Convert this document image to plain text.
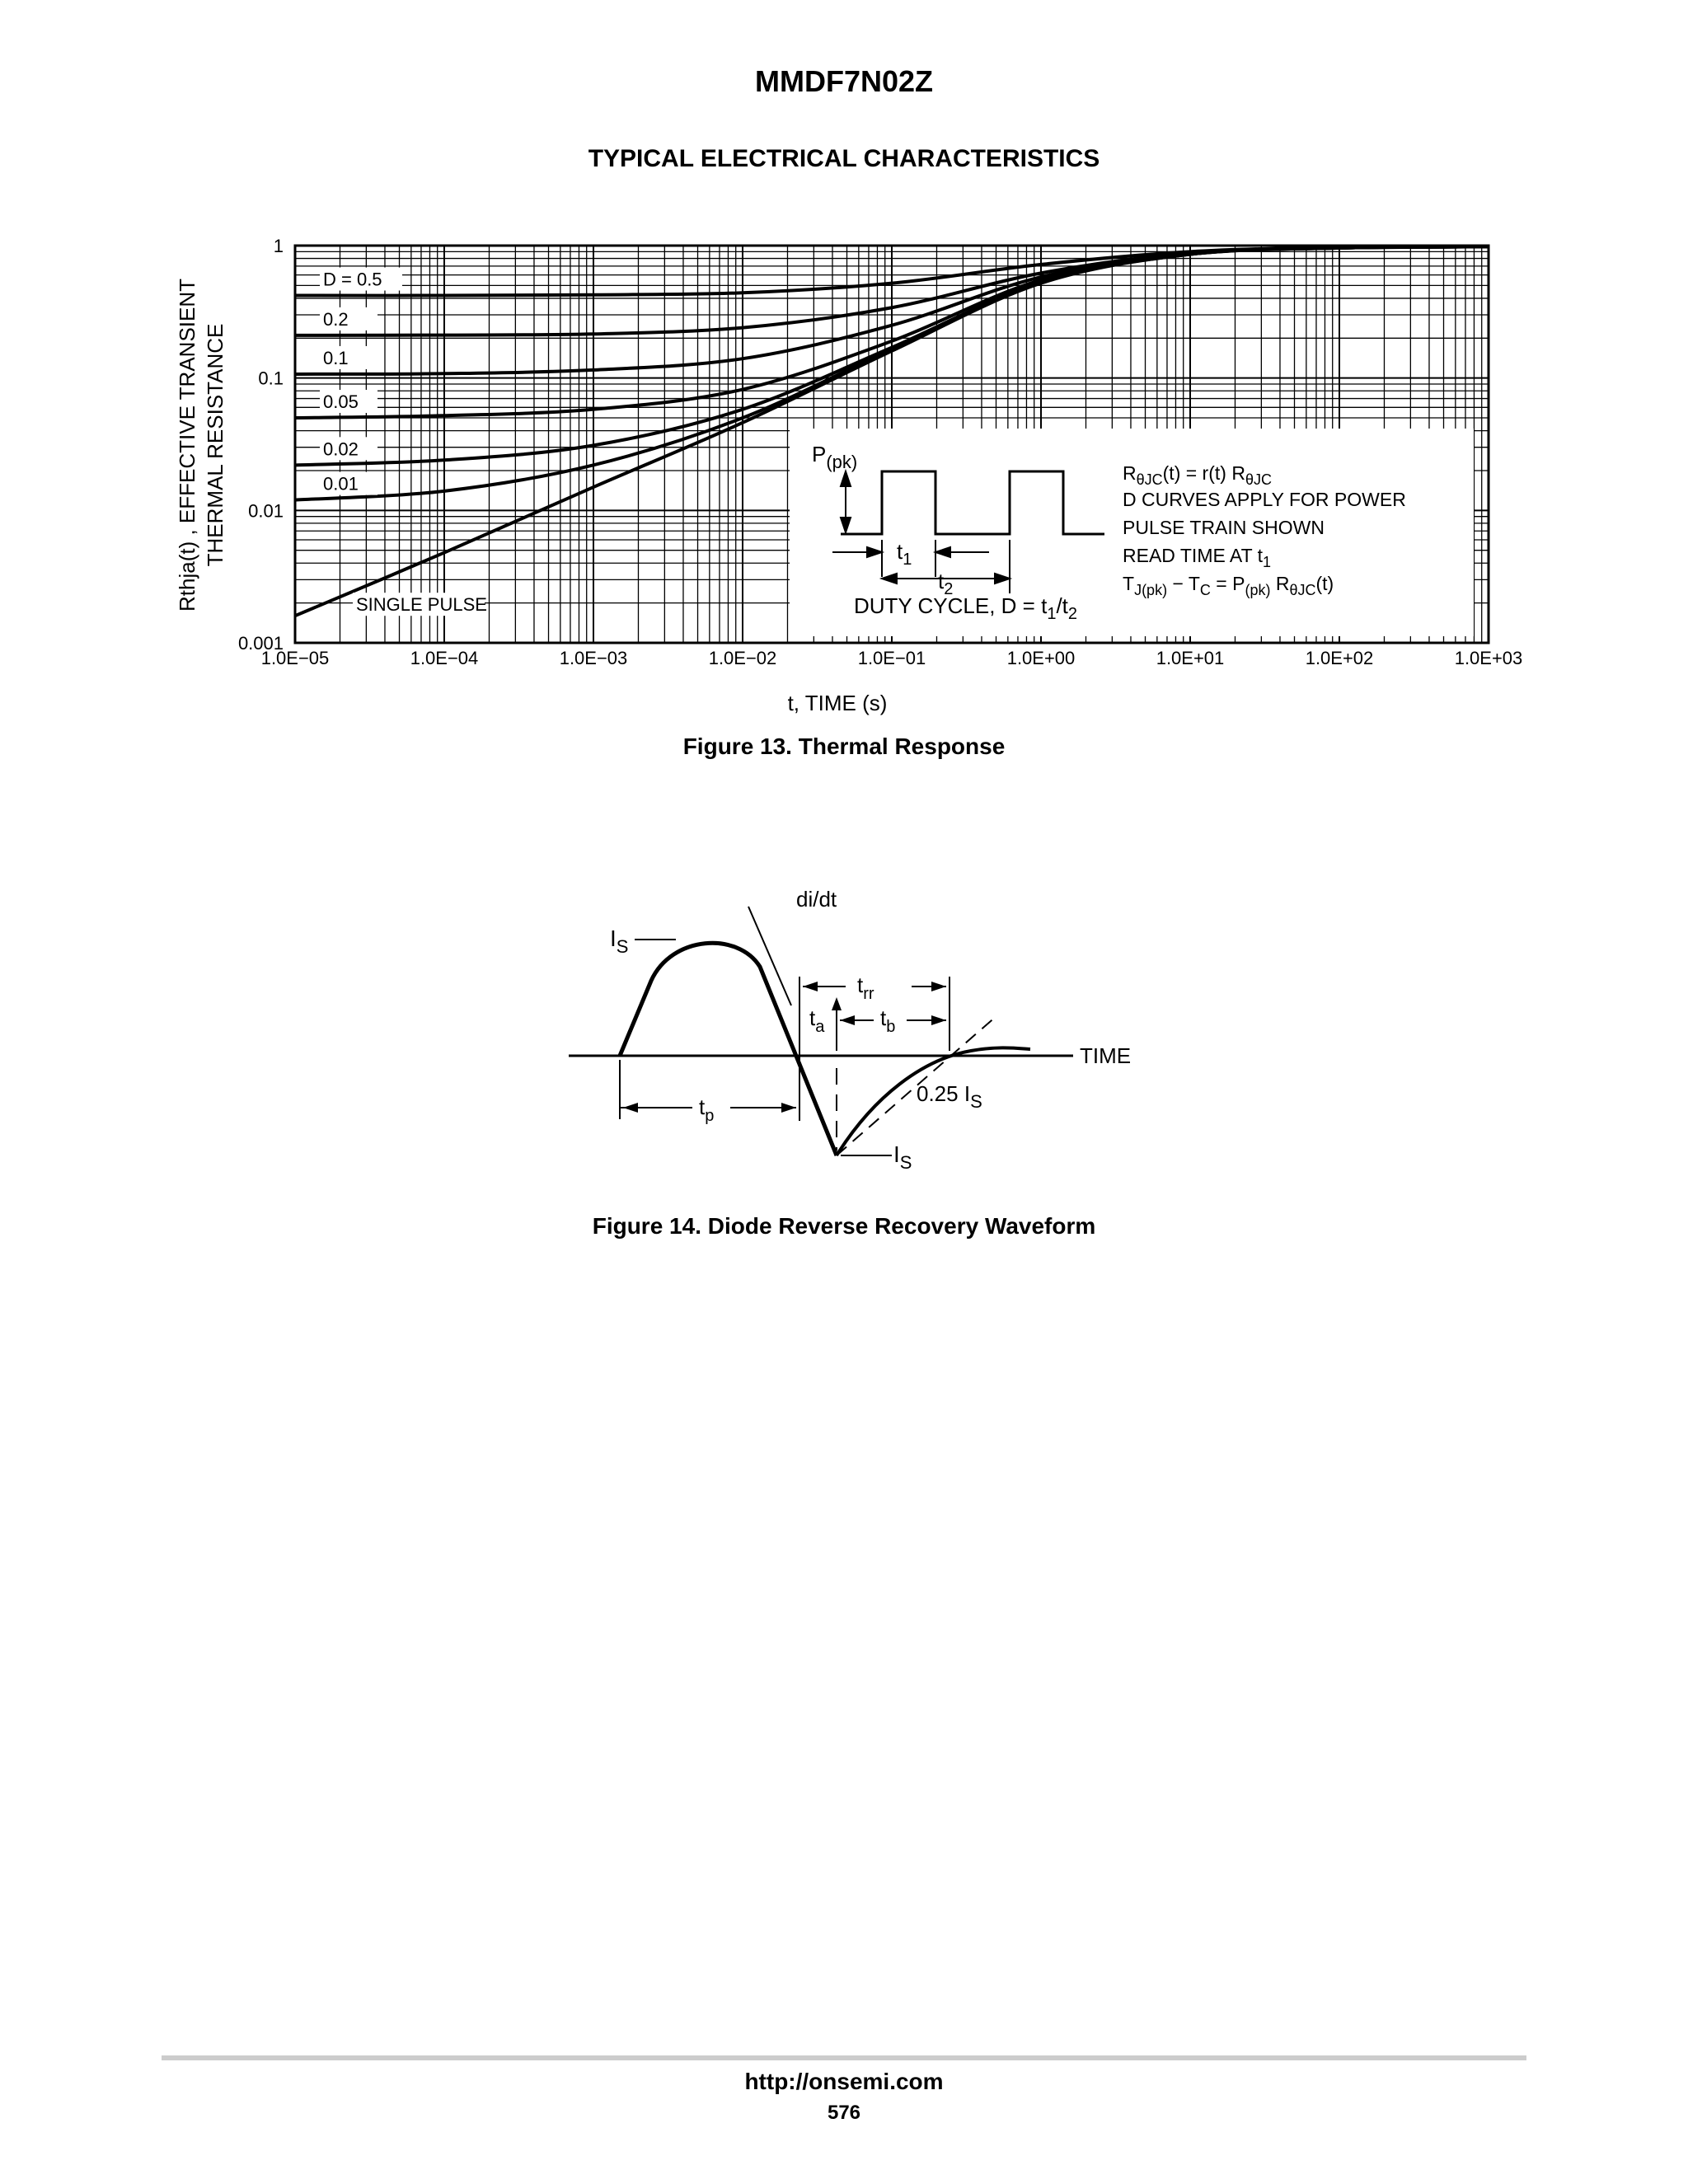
MMDF7N02Z
TYPICAL ELECTRICAL CHARACTERISTICS
1.0E−05	1.0E−04	1.0E−03	1.0E−02	1.0E−01	1.0E+00	1.0E+01	1.0E+02	1.0E+03
0.001
0.01
0.1
1
D = 0.5
0.2
0.1
0.05
0.02
0.01
SINGLE PULSE
$P_{(pk)}$
$t_1$
$t_2$
DUTY CYCLE, $D = t_1/t_2$
$R_{\theta JC}(t) = r(t)$ $R_{\theta JC}$
D CURVES APPLY FOR POWER
PULSE TRAIN SHOWN
READ TIME AT $t_1$
$T_{J(pk)} - T_C = P_{(pk)}$ $R_{\theta JC}(t)$
t, TIME (s)
Rthja(t) , EFFECTIVE TRANSIENT THERMAL RESISTANCE
Figure 13. Thermal Response
di/dt
$I_S$
$t_{rr}$
$t_a$	$t_b$
TIME
$t_p$
0.25 $I_S$
$I_S$
Figure 14. Diode Reverse Recovery Waveform
http://onsemi.com
576
